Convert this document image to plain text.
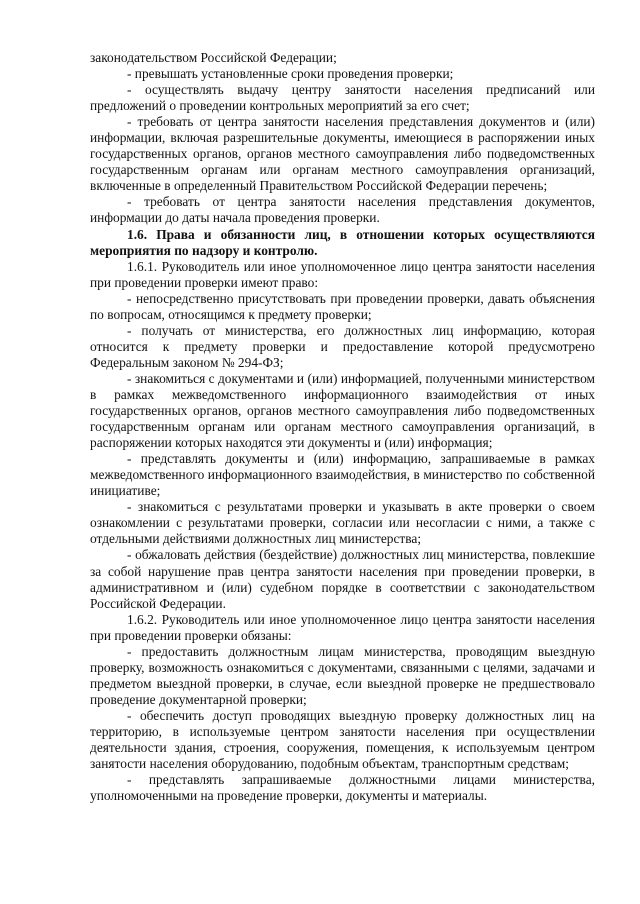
законодательством Российской Федерации;

- превышать установленные сроки проведения проверки;

- осуществлять выдачу центру занятости населения предписаний или предложений о проведении контрольных мероприятий за его счет;

- требовать от центра занятости населения представления документов и (или) информации, включая разрешительные документы, имеющиеся в распоряжении иных государственных органов, органов местного самоуправления либо подведомственных государственным органам или органам местного самоуправления организаций, включенные в определенный Правительством Российской Федерации перечень;

- требовать от центра занятости населения представления документов, информации до даты начала проведения проверки.

1.6. Права и обязанности лиц, в отношении которых осуществляются мероприятия по надзору и контролю.

1.6.1. Руководитель или иное уполномоченное лицо центра занятости населения при проведении проверки имеют право:

- непосредственно присутствовать при проведении проверки, давать объяснения по вопросам, относящимся к предмету проверки;

- получать от министерства, его должностных лиц информацию, которая относится к предмету проверки и предоставление которой предусмотрено Федеральным законом № 294-ФЗ;

- знакомиться с документами и (или) информацией, полученными министерством в рамках межведомственного информационного взаимодействия от иных государственных органов, органов местного самоуправления либо подведомственных государственным органам или органам местного самоуправления организаций, в распоряжении которых находятся эти документы и (или) информация;

- представлять документы и (или) информацию, запрашиваемые в рамках межведомственного информационного взаимодействия, в министерство по собственной инициативе;

- знакомиться с результатами проверки и указывать в акте проверки о своем ознакомлении с результатами проверки, согласии или несогласии с ними, а также с отдельными действиями должностных лиц министерства;

- обжаловать действия (бездействие) должностных лиц министерства, повлекшие за собой нарушение прав центра занятости населения при проведении проверки, в административном и (или) судебном порядке в соответствии с законодательством Российской Федерации.

1.6.2. Руководитель или иное уполномоченное лицо центра занятости населения при проведении проверки обязаны:

- предоставить должностным лицам министерства, проводящим выездную проверку, возможность ознакомиться с документами, связанными с целями, задачами и предметом выездной проверки, в случае, если выездной проверке не предшествовало проведение документарной проверки;

- обеспечить доступ проводящих выездную проверку должностных лиц на территорию, в используемые центром занятости населения при осуществлении деятельности здания, строения, сооружения, помещения, к используемым центром занятости населения оборудованию, подобным объектам, транспортным средствам;

- представлять запрашиваемые должностными лицами министерства, уполномоченными на проведение проверки, документы и материалы.
